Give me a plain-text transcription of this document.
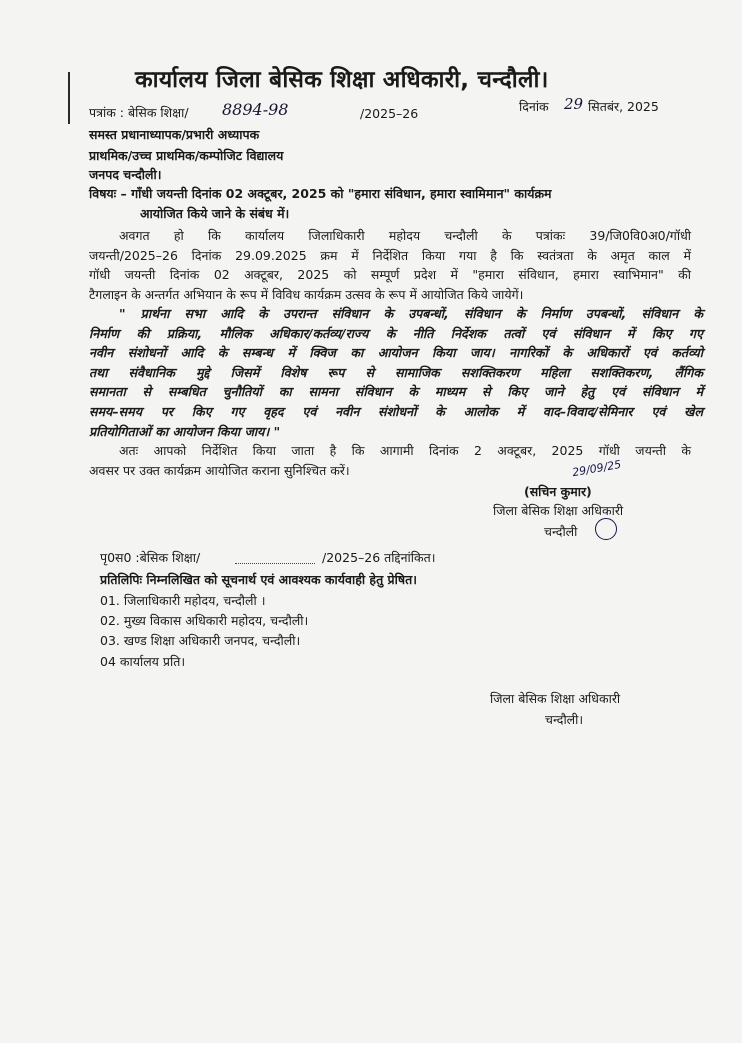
कार्यालय जिला बेसिक शिक्षा अधिकारी, चन्दौली।
पत्रांक : बेसिक शिक्षा/ 8894-98	/2025–26	दिनांक 29 सितबंर, 2025
समस्त प्रधानाध्यापक/प्रभारी अध्यापक
प्राथमिक/उच्च प्राथमिक/कम्पोजिट विद्यालय
जनपद चन्दौली।
विषयः – गाँधी जयन्ती दिनांक 02 अक्टूबर, 2025 को "हमारा संविधान, हमारा स्वामिमान" कार्यक्रम
आयोजित किये जाने के संबंध में।
अवगत हो कि कार्यालय जिलाधिकारी महोदय चन्दौली के पत्रांकः 39/जि0वि0अ0/गॉधी
जयन्ती/2025–26 दिनांक 29.09.2025 क्रम में निर्देशित किया गया है कि स्वतंत्रता के अमृत काल में
गॉधी जयन्ती दिनांक 02 अक्टूबर, 2025 को सम्पूर्ण प्रदेश में "हमारा संविधान, हमारा स्वाभिमान" की
टैगलाइन के अन्तर्गत अभियान के रूप में विविध कार्यक्रम उत्सव के रूप में आयोजित किये जायेगें।
" प्रार्थना सभा आदि के उपरान्त संविधान के उपबन्धों, संविधान के निर्माण उपबन्धों, संविधान के
निर्माण की प्रक्रिया, मौलिक अधिकार/कर्तव्य/राज्य के नीति निर्देशक तत्वों एवं संविधान में किए गए
नवीन संशोधनों आदि के सम्बन्ध में क्विज का आयोजन किया जाय। नागरिकों के अधिकारों एवं कर्तव्यो
तथा संवैधानिक मुद्दे जिसमें विशेष रूप से सामाजिक सशक्तिकरण महिला सशक्तिकरण, लैंगिक
समानता से सम्बधित चुनौतियों का सामना संविधान के माध्यम से किए जाने हेतु एवं संविधान में
समय–समय पर किए गए वृहद एवं नवीन संशोधनों के आलोक में वाद–विवाद/सेमिनार एवं खेल
प्रतियोगिताओं का आयोजन किया जाय। "
अतः आपको निर्देशित किया जाता है कि आगामी दिनांक 2 अक्टूबर, 2025 गॉधी जयन्ती के
अवसर पर उक्त कार्यक्रम आयोजित कराना सुनिश्चित करें।	29/09/25
(सचिन कुमार)
जिला बेसिक शिक्षा अधिकारी
चन्दौली
पृ0स0 :बेसिक शिक्षा/	/2025–26 तद्दिनांकित।
प्रतिलिपिः निम्नलिखित को सूचनार्थ एवं आवश्यक कार्यवाही हेतु प्रेषित।
01. जिलाधिकारी महोदय, चन्दौली ।
02. मुख्य विकास अधिकारी महोदय, चन्दौली।
03. खण्ड शिक्षा अधिकारी जनपद, चन्दौली।
04 कार्यालय प्रति।
जिला बेसिक शिक्षा अधिकारी
चन्दौली।
